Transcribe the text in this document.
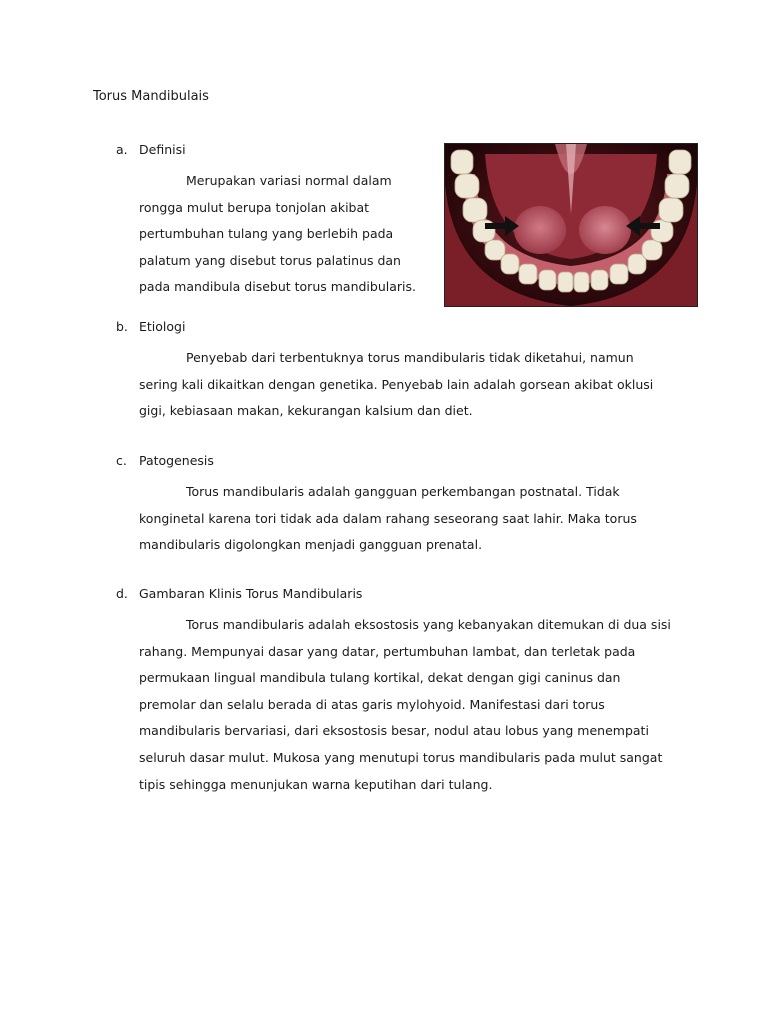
Torus Mandibulais
a. Definisi
Merupakan variasi normal dalam rongga mulut berupa tonjolan akibat pertumbuhan tulang yang berlebih pada palatum yang disebut torus palatinus dan pada mandibula disebut torus mandibularis.
b. Etiologi
Penyebab dari terbentuknya torus mandibularis tidak diketahui, namun sering kali dikaitkan dengan genetika. Penyebab lain adalah gorsean akibat oklusi gigi, kebiasaan makan, kekurangan kalsium dan diet.
c. Patogenesis
Torus mandibularis adalah gangguan perkembangan postnatal. Tidak konginetal karena tori tidak ada dalam rahang seseorang saat lahir. Maka torus mandibularis digolongkan menjadi gangguan prenatal.
d. Gambaran Klinis Torus Mandibularis
Torus mandibularis adalah eksostosis yang kebanyakan ditemukan di dua sisi rahang. Mempunyai dasar yang datar, pertumbuhan lambat, dan terletak pada permukaan lingual mandibula tulang kortikal, dekat dengan gigi caninus dan premolar dan selalu berada di atas garis mylohyoid. Manifestasi dari torus mandibularis bervariasi, dari eksostosis besar, nodul atau lobus yang menempati seluruh dasar mulut. Mukosa yang menutupi torus mandibularis pada mulut sangat tipis sehingga menunjukan warna keputihan dari tulang.
